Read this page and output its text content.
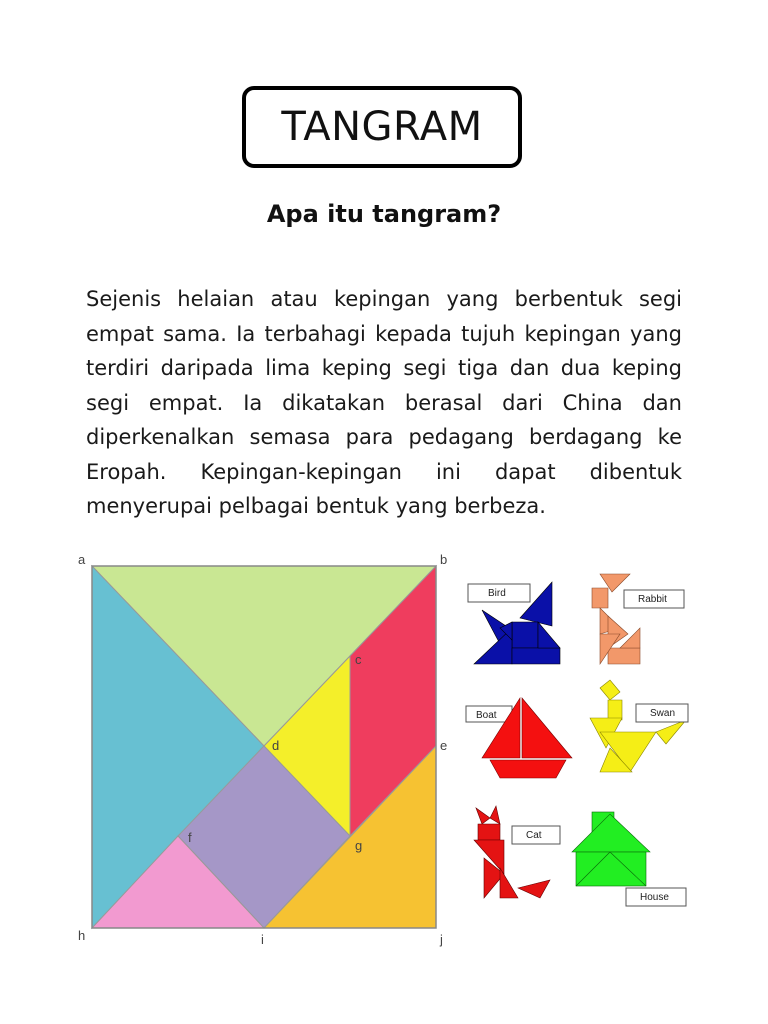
TANGRAM
Apa itu tangram?
Sejenis helaian atau kepingan yang berbentuk segi empat sama. Ia terbahagi kepada tujuh kepingan yang terdiri daripada lima keping segi tiga dan dua keping segi empat. Ia dikatakan berasal dari China dan diperkenalkan semasa para pedagang berdagang ke Eropah. Kepingan-kepingan ini dapat dibentuk menyerupai pelbagai bentuk yang berbeza.
a	b
c
d	e
f
g
h	i	j
Bird
Rabbit
Boat	Swan
Cat
House
